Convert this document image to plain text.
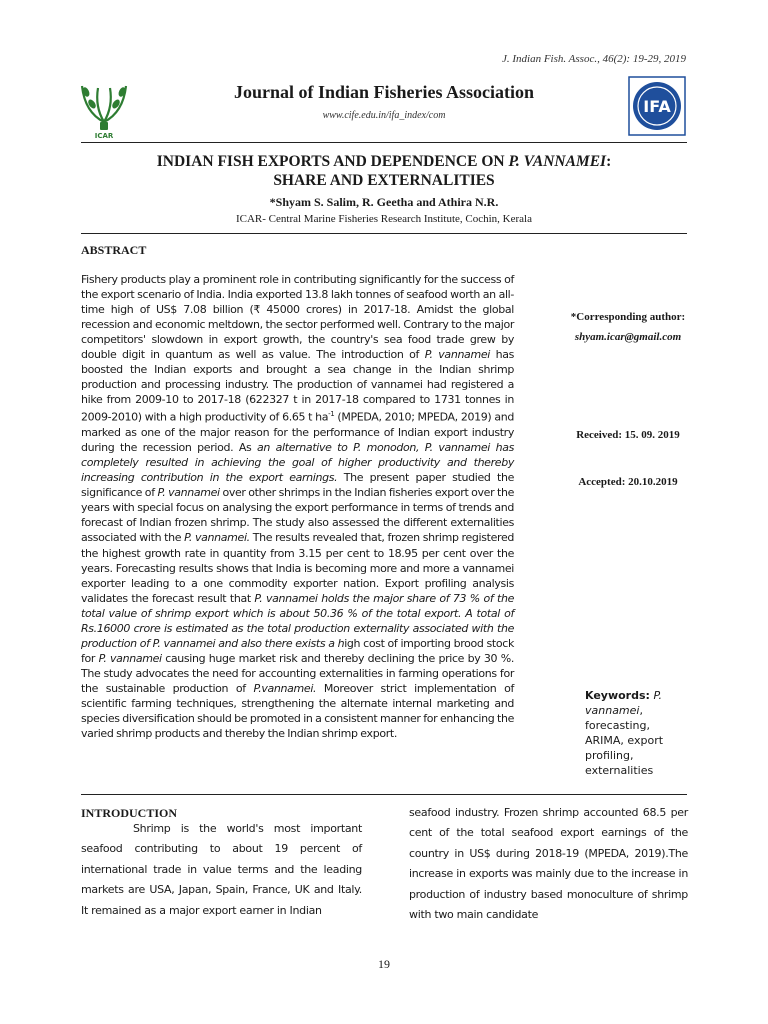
J. Indian Fish. Assoc., 46(2): 19-29, 2019
ICAR
Journal of Indian Fisheries Association
www.cife.edu.in/ifa_index/com	IFA
INDIAN FISH EXPORTS AND DEPENDENCE ON P. VANNAMEI:
SHARE AND EXTERNALITIES
*Shyam S. Salim, R. Geetha and Athira N.R.
ICAR- Central Marine Fisheries Research Institute, Cochin, Kerala
ABSTRACT
Fishery products play a prominent role in contributing significantly for the success of the export scenario of India. India exported 13.8 lakh tonnes of seafood worth an all-time high of US$ 7.08 billion (₹ 45000 crores) in 2017-18. Amidst the global recession and economic meltdown, the sector performed well. Contrary to the major competitors' slowdown in export growth, the country's sea food trade grew by double digit in quantum as well as value. The introduction of P. vannamei has boosted the Indian exports and brought a sea change in the Indian shrimp production and processing industry. The production of vannamei had registered a hike from 2009-10 to 2017-18 (622327 t in 2017-18 compared to 1731 tonnes in 2009-2010) with a high productivity of 6.65 t $ha^{-1}$ (MPEDA, 2010; MPEDA, 2019) and marked as one of the major reason for the performance of Indian export industry during the recession period. As an alternative to P. monodon, P. vannamei has completely resulted in achieving the goal of higher productivity and thereby increasing contribution in the export earnings. The present paper studied the significance of P. vannamei over other shrimps in the Indian fisheries export over the years with special focus on analysing the export performance in terms of trends and forecast of Indian frozen shrimp. The study also assessed the different externalities associated with the P. vannamei. The results revealed that, frozen shrimp registered the highest growth rate in quantity from 3.15 per cent to 18.95 per cent over the years. Forecasting results shows that India is becoming more and more a vannamei exporter leading to a one commodity exporter nation. Export profiling analysis validates the forecast result that P. vannamei holds the major share of 73 % of the total value of shrimp export which is about 50.36 % of the total export. A total of Rs.16000 crore is estimated as the total production externality associated with the production of P. vannamei and also there exists a high cost of importing brood stock for P. vannamei causing huge market risk and thereby declining the price by 30 %. The study advocates the need for accounting externalities in farming operations for the sustainable production of P.vannamei. Moreover strict implementation of scientific farming techniques, strengthening the alternate internal marketing and species diversification should be promoted in a consistent manner for enhancing the varied shrimp products and thereby the Indian shrimp export.
*Corresponding author:
shyam.icar@gmail.com
Received: 15. 09. 2019
Accepted: 20.10.2019
Keywords: P. vannamei, forecasting, ARIMA, export profiling, externalities
INTRODUCTION
Shrimp is the world's most important seafood contributing to about 19 percent of international trade in value terms and the leading markets are USA, Japan, Spain, France, UK and Italy. It remained as a major export earner in Indian
seafood industry. Frozen shrimp accounted 68.5 per cent of the total seafood export earnings of the country in US$ during 2018-19 (MPEDA, 2019).The increase in exports was mainly due to the increase in production of industry based monoculture of shrimp with two main candidate
19
